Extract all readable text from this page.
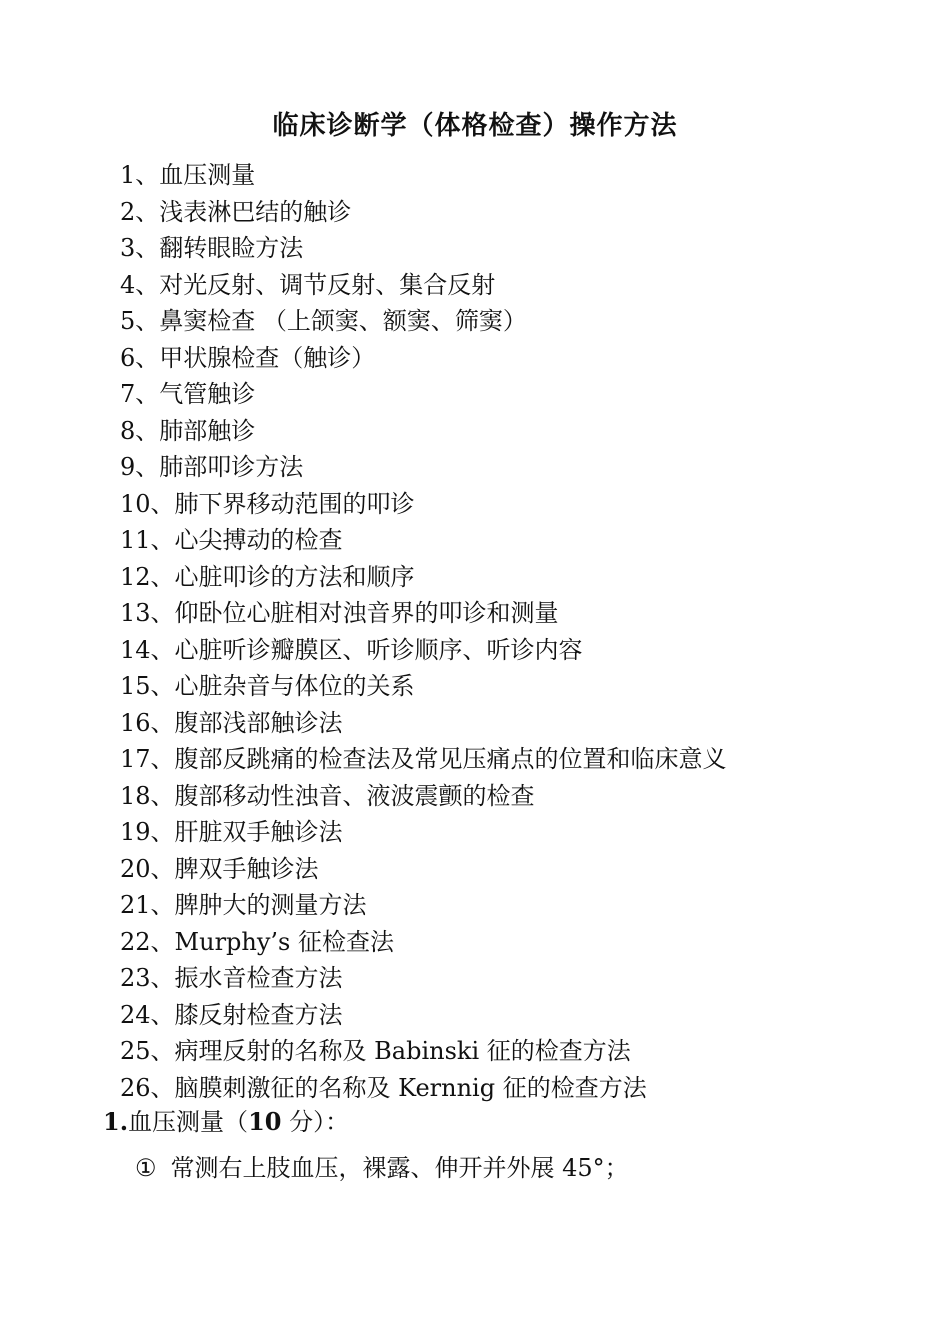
临床诊断学（体格检查）操作方法
1、血压测量
2、浅表淋巴结的触诊
3、翻转眼睑方法
4、对光反射、调节反射、集合反射
5、鼻窦检查 （上颌窦、额窦、筛窦）
6、甲状腺检查（触诊）
7、气管触诊
8、肺部触诊
9、肺部叩诊方法
10、肺下界移动范围的叩诊
11、心尖搏动的检查
12、心脏叩诊的方法和顺序
13、仰卧位心脏相对浊音界的叩诊和测量
14、心脏听诊瓣膜区、听诊顺序、听诊内容
15、心脏杂音与体位的关系
16、腹部浅部触诊法
17、腹部反跳痛的检查法及常见压痛点的位置和临床意义
18、腹部移动性浊音、液波震颤的检查
19、肝脏双手触诊法
20、脾双手触诊法
21、脾肿大的测量方法
22、Murphy’s 征检查法
23、振水音检查方法
24、膝反射检查方法
25、病理反射的名称及 Babinski 征的检查方法
26、脑膜刺激征的名称及 Kernnig 征的检查方法
1.血压测量（10 分）：
① 常测右上肢血压，裸露、伸开并外展 45°；
